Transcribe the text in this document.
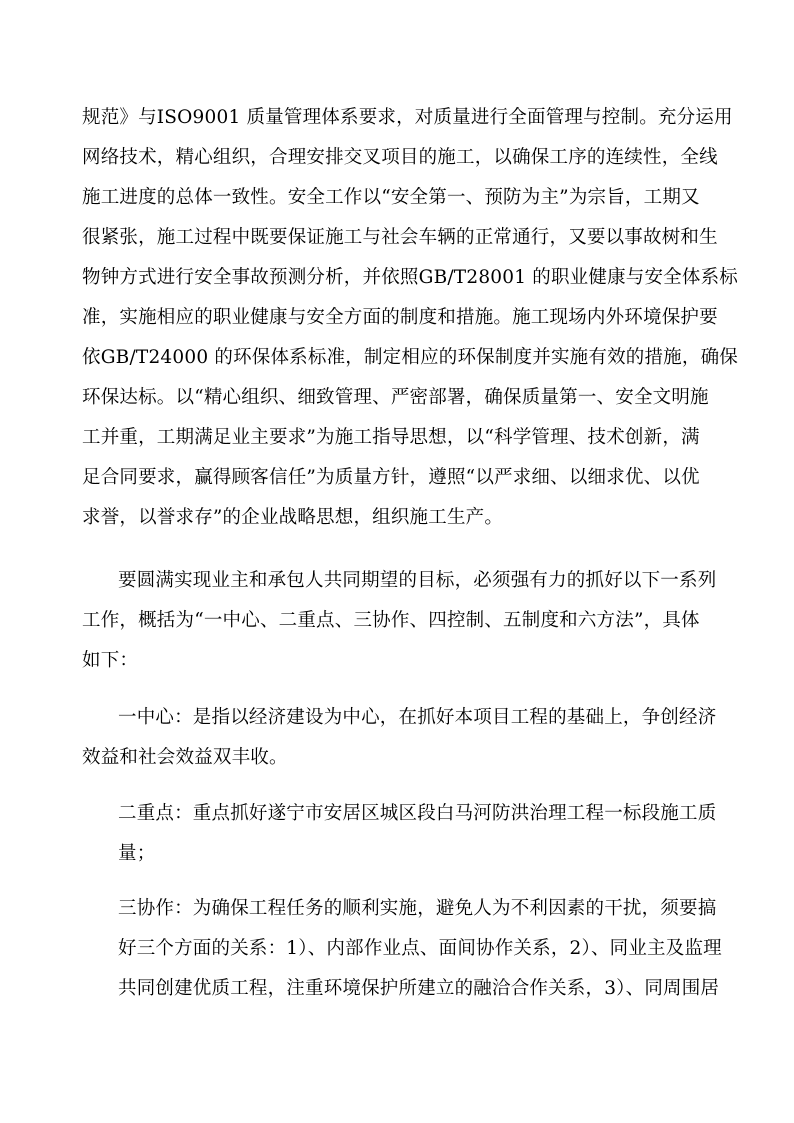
规范》与ISO9001 质量管理体系要求，对质量进行全面管理与控制。充分运用
网络技术，精心组织，合理安排交叉项目的施工，以确保工序的连续性，全线
施工进度的总体一致性。安全工作以“安全第一、预防为主”为宗旨，工期又
很紧张，施工过程中既要保证施工与社会车辆的正常通行，又要以事故树和生
物钟方式进行安全事故预测分析，并依照GB/T28001 的职业健康与安全体系标
准，实施相应的职业健康与安全方面的制度和措施。施工现场内外环境保护要
依GB/T24000 的环保体系标准，制定相应的环保制度并实施有效的措施，确保
环保达标。以“精心组织、细致管理、严密部署，确保质量第一、安全文明施
工并重，工期满足业主要求”为施工指导思想，以“科学管理、技术创新，满
足合同要求，赢得顾客信任”为质量方针，遵照“以严求细、以细求优、以优
求誉，以誉求存”的企业战略思想，组织施工生产。
要圆满实现业主和承包人共同期望的目标，必须强有力的抓好以下一系列
工作，概括为“一中心、二重点、三协作、四控制、五制度和六方法”，具体
如下：
一中心：是指以经济建设为中心，在抓好本项目工程的基础上，争创经济
效益和社会效益双丰收。
二重点：重点抓好遂宁市安居区城区段白马河防洪治理工程一标段施工质
量；
三协作：为确保工程任务的顺利实施，避免人为不利因素的干扰，须要搞
好三个方面的关系：1）、内部作业点、面间协作关系，2）、同业主及监理
共同创建优质工程，注重环境保护所建立的融洽合作关系，3）、同周围居
